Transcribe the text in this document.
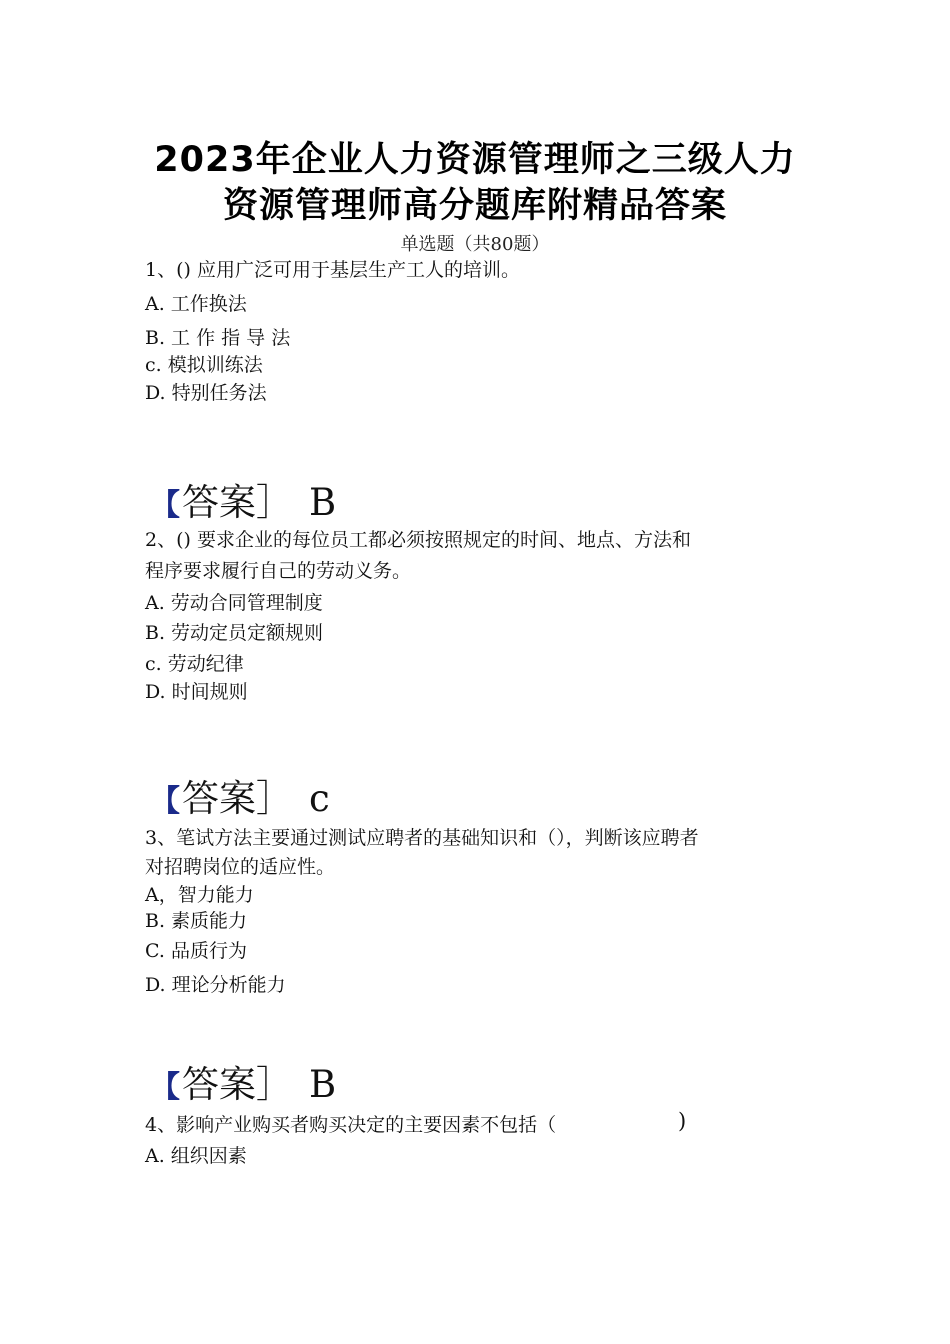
2023年企业人力资源管理师之三级人力
资源管理师高分题库附精品答案
单选题（共80题）
1、() 应用广泛可用于基层生产工人的培训。
A. 工作换法
B. 工 作 指 导 法
c. 模拟训练法
D. 特别任务法
【答案］ B
2、() 要求企业的每位员工都必须按照规定的时间、地点、方法和
程序要求履行自己的劳动义务。
A. 劳动合同管理制度
B. 劳动定员定额规则
c. 劳动纪律
D. 时间规则
【答案］ c
3、笔试方法主要通过测试应聘者的基础知识和（），判断该应聘者
对招聘岗位的适应性。
A，智力能力
B. 素质能力
C. 品质行为
D. 理论分析能力
【答案］ B
4、影响产业购买者购买决定的主要因素不包括（	)
A. 组织因素
